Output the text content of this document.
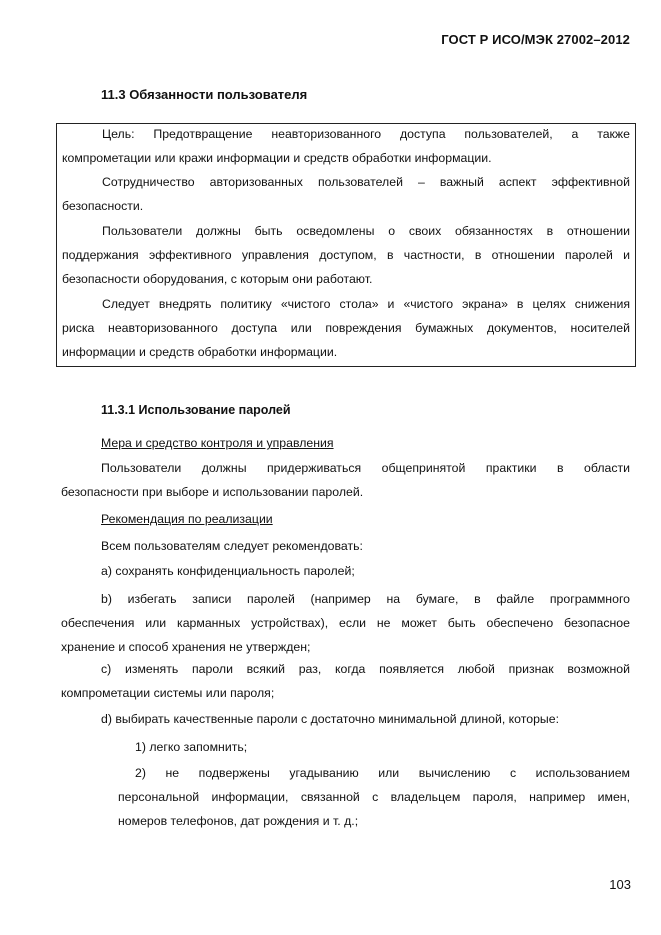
ГОСТ Р ИСО/МЭК 27002–2012
11.3 Обязанности пользователя
Цель: Предотвращение неавторизованного доступа пользователей, а также
компрометации или кражи информации и средств обработки информации.
Сотрудничество авторизованных пользователей – важный аспект эффективной
безопасности.
Пользователи должны быть осведомлены о своих обязанностях в отношении
поддержания эффективного управления доступом, в частности, в отношении паролей и
безопасности оборудования, с которым они работают.
Следует внедрять политику «чистого стола» и «чистого экрана» в целях снижения
риска неавторизованного доступа или повреждения бумажных документов, носителей
информации и средств обработки информации.
11.3.1 Использование паролей
Мера и средство контроля и управления
Пользователи должны придерживаться общепринятой практики в области
безопасности при выборе и использовании паролей.
Рекомендация по реализации
Всем пользователям следует рекомендовать:
а) сохранять конфиденциальность паролей;
b) избегать записи паролей (например на бумаге, в файле программного
обеспечения или карманных устройствах), если не может быть обеспечено безопасное
хранение и способ хранения не утвержден;
c) изменять пароли всякий раз, когда появляется любой признак возможной
компрометации системы или пароля;
d) выбирать качественные пароли с достаточно минимальной длиной, которые:
1) легко запомнить;
2) не подвержены угадыванию или вычислению с использованием
персональной информации, связанной с владельцем пароля, например имен,
номеров телефонов, дат рождения и т. д.;
103
